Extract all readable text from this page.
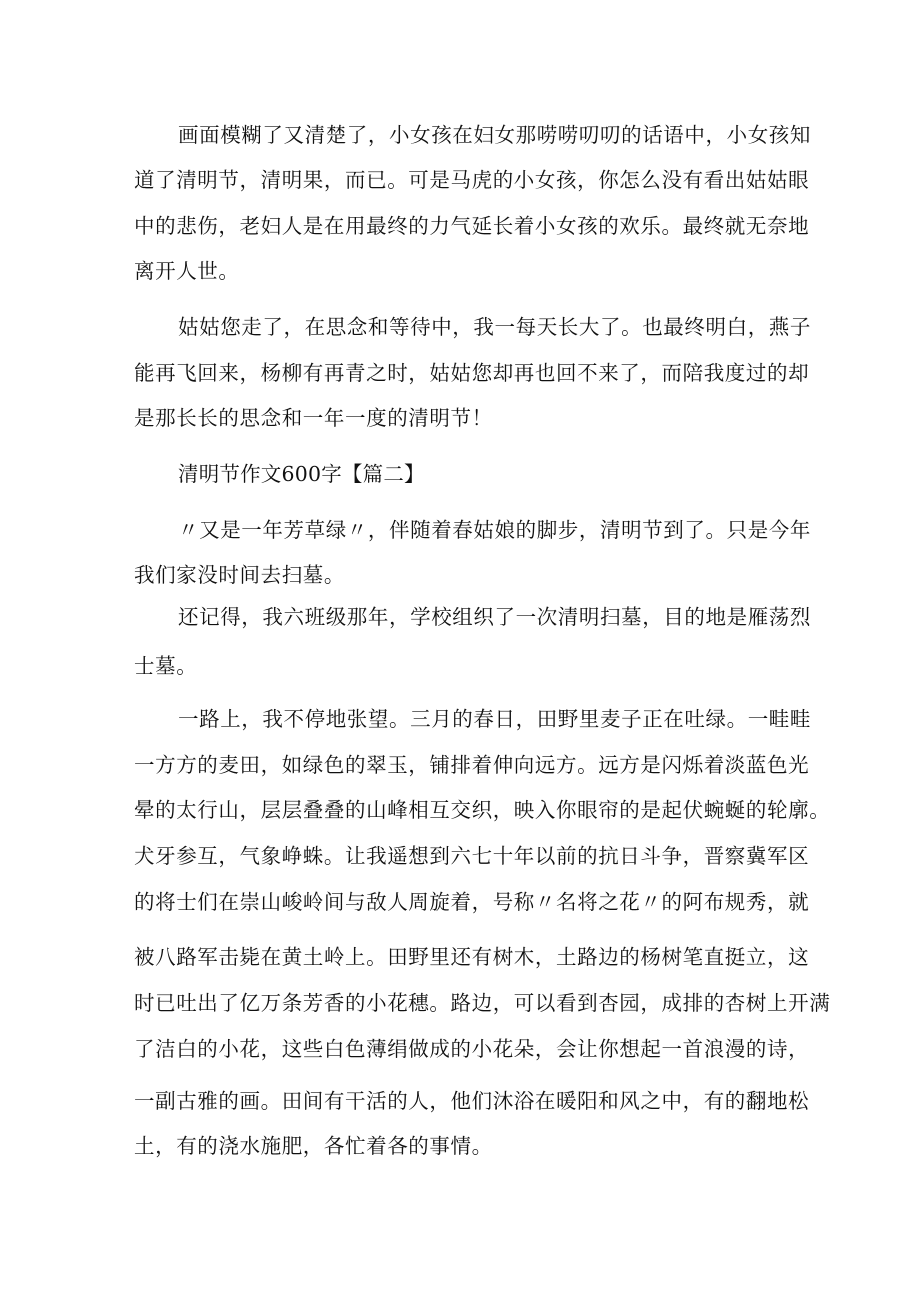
画面模糊了又清楚了，小女孩在妇女那唠唠叨叨的话语中，小女孩知
道了清明节，清明果，而已。可是马虎的小女孩，你怎么没有看出姑姑眼
中的悲伤，老妇人是在用最终的力气延长着小女孩的欢乐。最终就无奈地
离开人世。
姑姑您走了，在思念和等待中，我一每天长大了。也最终明白，燕子
能再飞回来，杨柳有再青之时，姑姑您却再也回不来了，而陪我度过的却
是那长长的思念和一年一度的清明节！
清明节作文600字【篇二】
〃又是一年芳草绿〃，伴随着春姑娘的脚步，清明节到了。只是今年
我们家没时间去扫墓。
还记得，我六班级那年，学校组织了一次清明扫墓，目的地是雁荡烈
士墓。
一路上，我不停地张望。三月的春日，田野里麦子正在吐绿。一畦畦
一方方的麦田，如绿色的翠玉，铺排着伸向远方。远方是闪烁着淡蓝色光
晕的太行山，层层叠叠的山峰相互交织，映入你眼帘的是起伏蜿蜒的轮廓。
犬牙参互，气象峥蛛。让我遥想到六七十年以前的抗日斗争，晋察冀军区
的将士们在崇山峻岭间与敌人周旋着，号称〃名将之花〃的阿布规秀，就
被八路军击毙在黄土岭上。田野里还有树木，土路边的杨树笔直挺立，这
时已吐出了亿万条芳香的小花穗。路边，可以看到杏园，成排的杏树上开满
了洁白的小花，这些白色薄绢做成的小花朵，会让你想起一首浪漫的诗，
一副古雅的画。田间有干活的人，他们沐浴在暖阳和风之中，有的翻地松
土，有的浇水施肥，各忙着各的事情。
